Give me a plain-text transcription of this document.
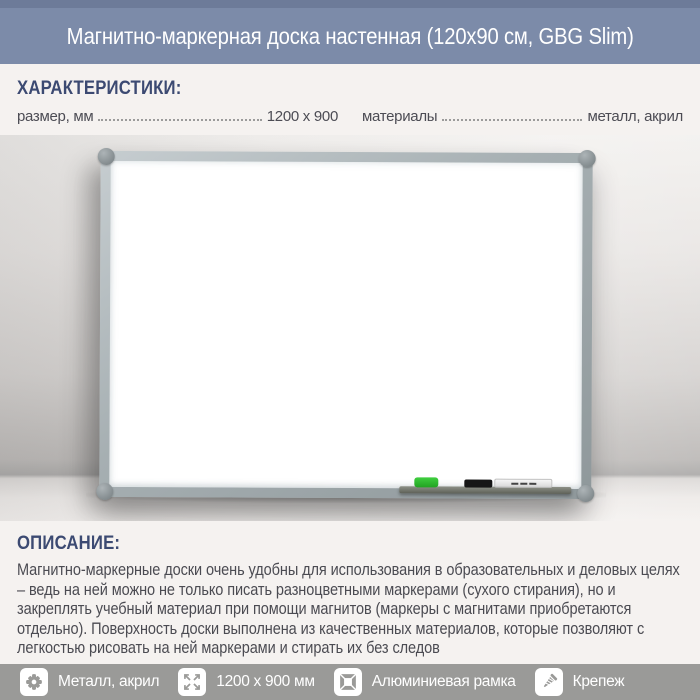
Магнитно-маркерная доска настенная (120x90 см, GBG Slim)
ХАРАКТЕРИСТИКИ:
размер, мм	1200 x 900 материалы	металл, акрил
ОПИСАНИЕ:
Магнитно-маркерные доски очень удобны для использования в образовательных и деловых целях – ведь на ней можно не только писать разноцветными маркерами (сухого стирания), но и закреплять учебный материал при помощи магнитов (маркеры с магнитами приобретаются отдельно). Поверхность доски выполнена из качественных материалов, которые позволяют с легкостью рисовать на ней маркерами и стирать их без следов
Металл, акрил	1200 x 900 мм	Алюминиевая рамка	Крепеж
